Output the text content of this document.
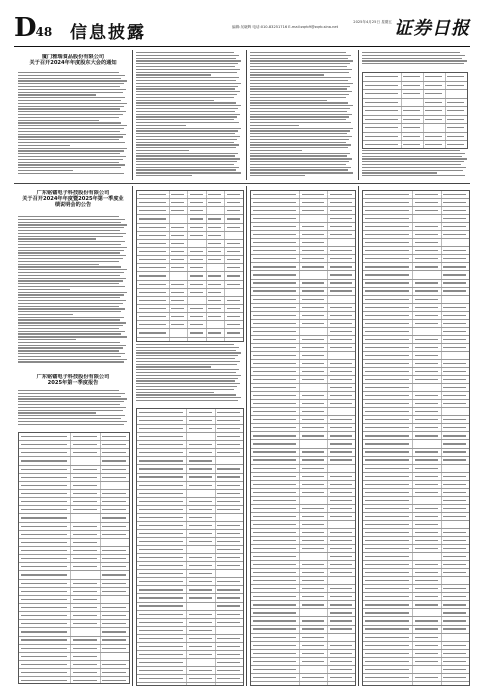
D48 信息披露
2025年4月25日 星期五
编辑:吴晓辉 电话:010-83251716 E-mail:zqrb9@zqrb.sina.net	证券日报
厦门雅瑞食品股份有限公司
关于召开2024年年度股东大会的通知
广东铭镭电子科技股份有限公司
关于召开2024年年度暨2025年第一季度业绩说明会的公告
广东铭镭电子科技股份有限公司
2025年第一季度报告
